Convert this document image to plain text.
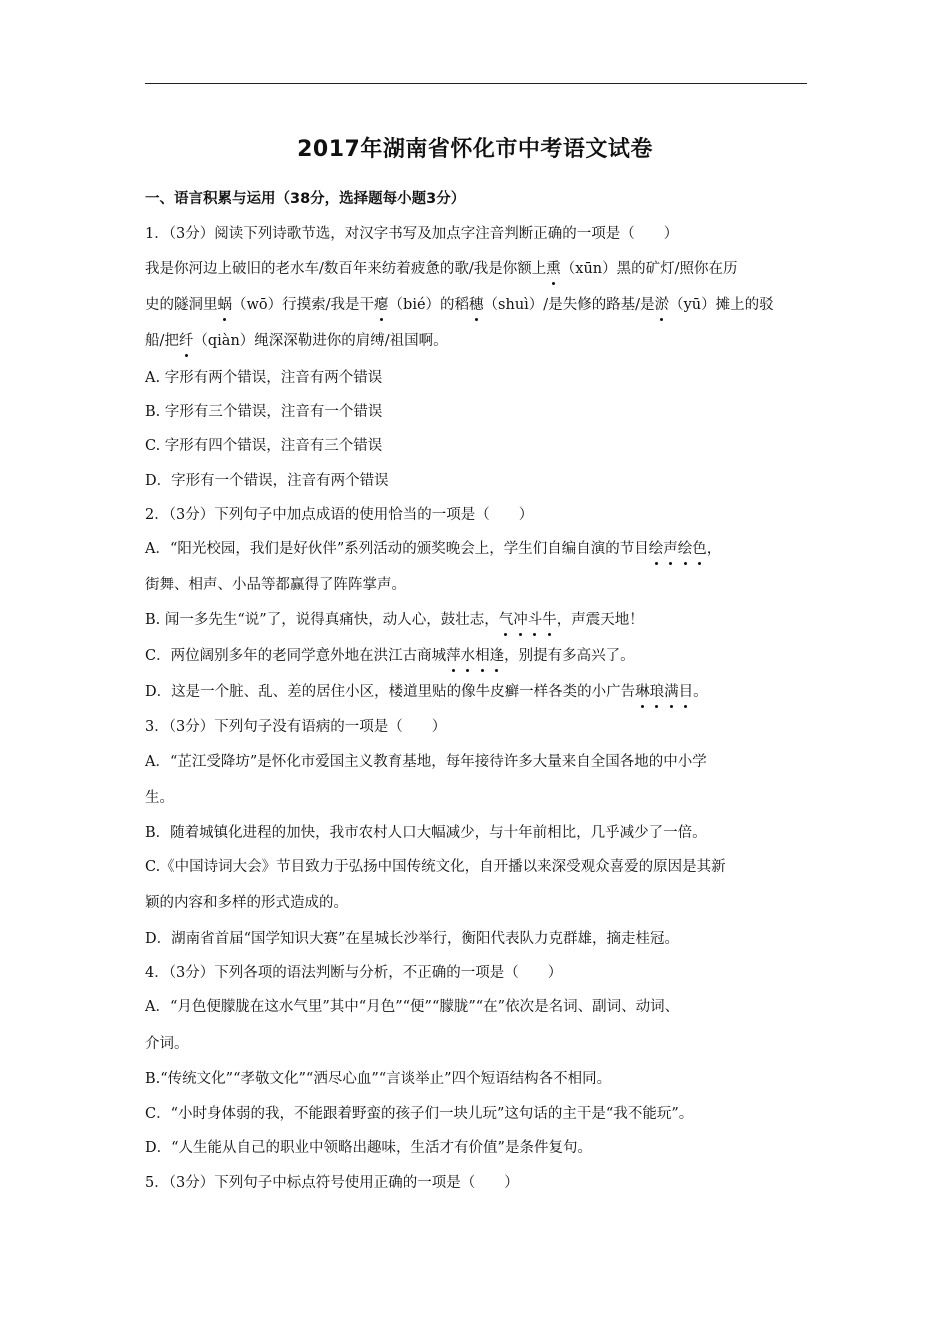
2017年湖南省怀化市中考语文试卷
一、语言积累与运用（38分，选择题每小题3分）
1．（3分）阅读下列诗歌节选，对汉字书写及加点字注音判断正确的一项是（　　）
我是你河边上破旧的老水车/数百年来纺着疲惫的歌/我是你额上熏（xūn）黑的矿灯/照你在历
史的隧洞里蜗（wō）行摸索/我是干瘪（bié）的稻穗（shuì）/是失修的路基/是淤（yū）摊上的驳
船/把纤（qiàn）绳深深勒进你的肩缚/祖国啊。
A. 字形有两个错误，注音有两个错误
B. 字形有三个错误，注音有一个错误
C. 字形有四个错误，注音有三个错误
D．字形有一个错误，注音有两个错误
2．（3分）下列句子中加点成语的使用恰当的一项是（　　）
A．“阳光校园，我们是好伙伴”系列活动的颁奖晚会上，学生们自编自演的节目绘声绘色，
街舞、相声、小品等都赢得了阵阵掌声。
B. 闻一多先生“说”了，说得真痛快，动人心，鼓壮志，气冲斗牛，声震天地！
C．两位阔别多年的老同学意外地在洪江古商城萍水相逢，别提有多高兴了。
D．这是一个脏、乱、差的居住小区，楼道里贴的像牛皮癣一样各类的小广告琳琅满目。
3．（3分）下列句子没有语病的一项是（　　）
A．“芷江受降坊”是怀化市爱国主义教育基地，每年接待许多大量来自全国各地的中小学
生。
B．随着城镇化进程的加快，我市农村人口大幅减少，与十年前相比，几乎减少了一倍。
C.《中国诗词大会》节目致力于弘扬中国传统文化，自开播以来深受观众喜爱的原因是其新
颖的内容和多样的形式造成的。
D．湖南省首届“国学知识大赛”在星城长沙举行，衡阳代表队力克群雄，摘走桂冠。
4．（3分）下列各项的语法判断与分析，不正确的一项是（　　）
A．“月色便朦胧在这水气里”其中“月色”“便”“朦胧”“在”依次是名词、副词、动词、
介词。
B.“传统文化”“孝敬文化”“洒尽心血”“言谈举止”四个短语结构各不相同。
C．“小时身体弱的我，不能跟着野蛮的孩子们一块儿玩”这句话的主干是“我不能玩”。
D．“人生能从自己的职业中领略出趣味，生活才有价值”是条件复句。
5．（3分）下列句子中标点符号使用正确的一项是（　　）
